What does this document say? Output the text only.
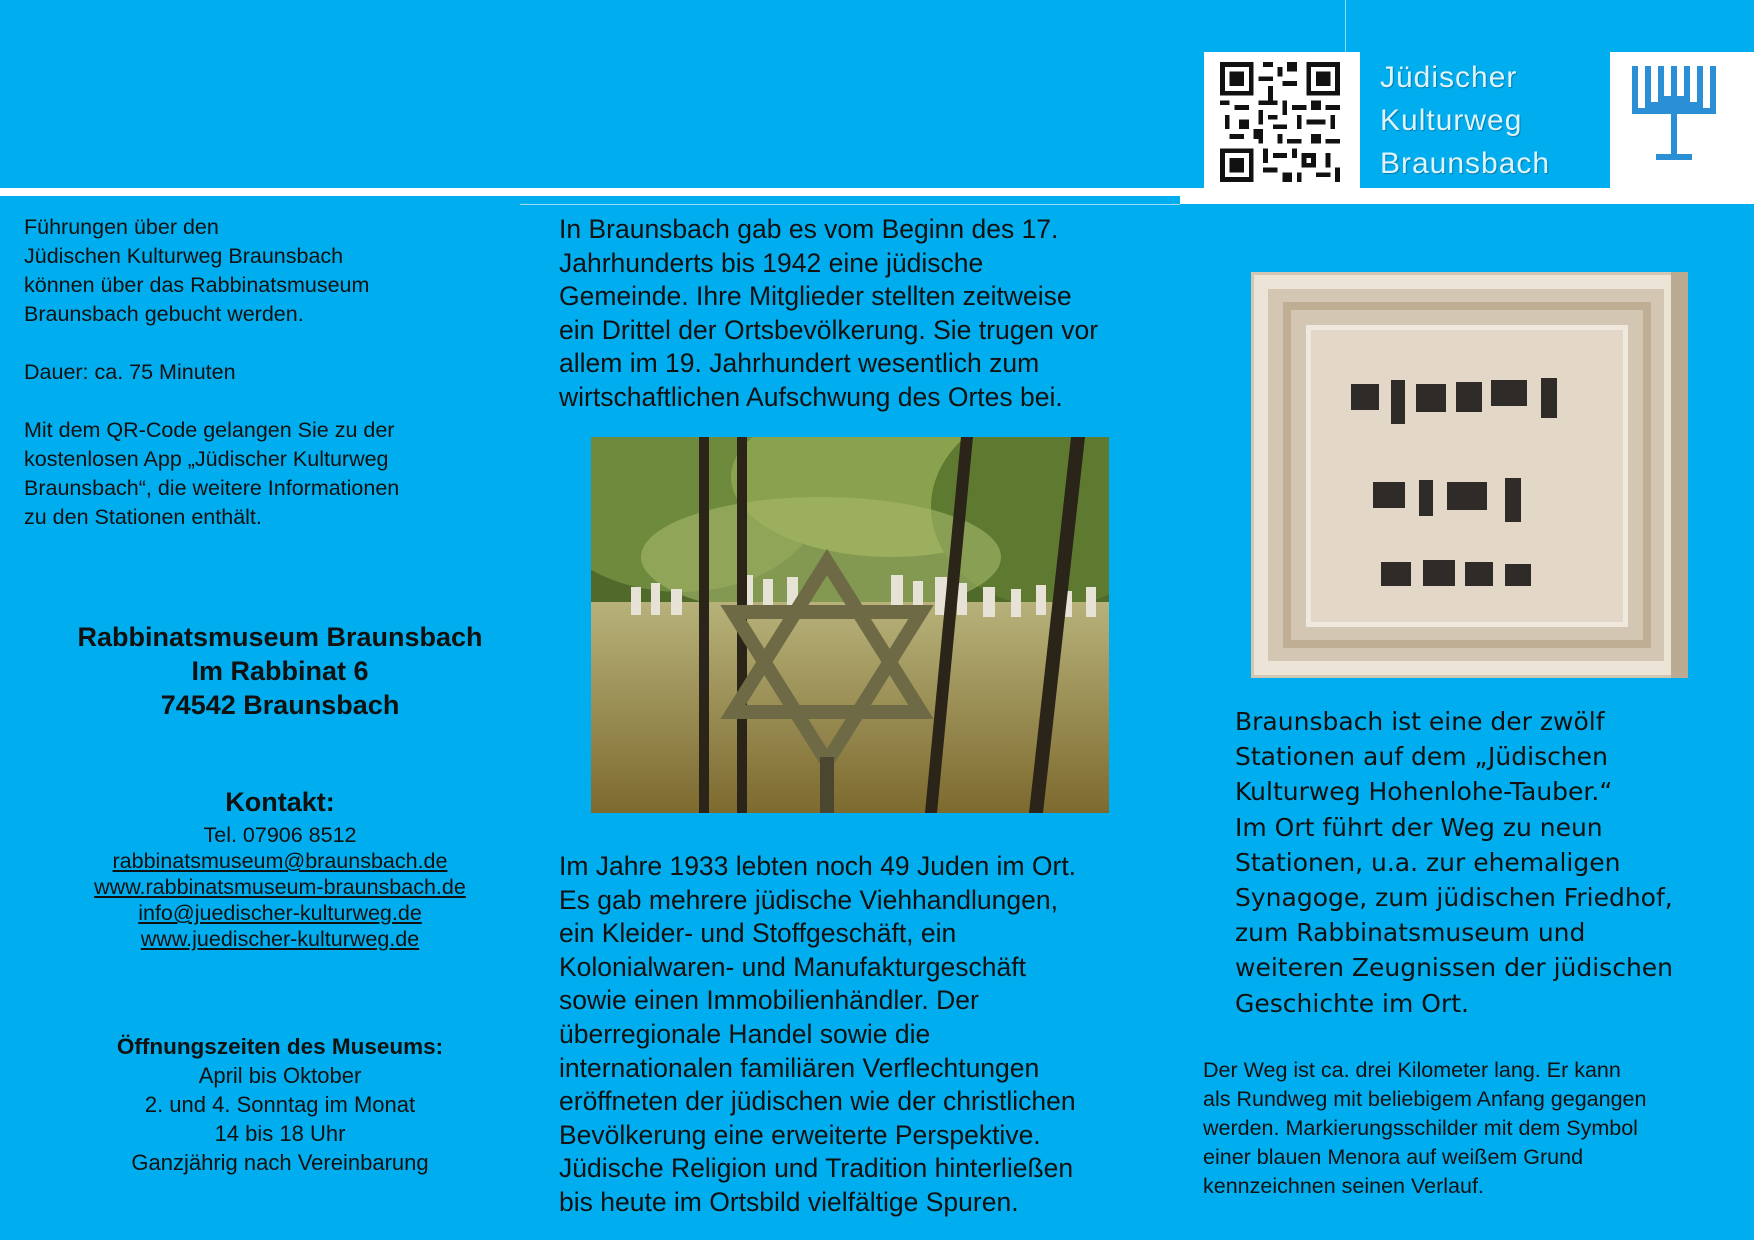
Jüdischer
Kulturweg
Braunsbach
Führungen über den
Jüdischen Kulturweg Braunsbach
können über das Rabbinatsmuseum
Braunsbach gebucht werden.

Dauer: ca. 75 Minuten

Mit dem QR-Code gelangen Sie zu der
kostenlosen App „Jüdischer Kulturweg
Braunsbach“, die weitere Informationen
zu den Stationen enthält.
Rabbinatsmuseum Braunsbach
Im Rabbinat 6
74542 Braunsbach
Kontakt:
Tel. 07906 8512
rabbinatsmuseum@braunsbach.de
www.rabbinatsmuseum-braunsbach.de
info@juedischer-kulturweg.de
www.juedischer-kulturweg.de
Öffnungszeiten des Museums:
April bis Oktober
2. und 4. Sonntag im Monat
14 bis 18 Uhr
Ganzjährig nach Vereinbarung
In Braunsbach gab es vom Beginn des 17.
Jahrhunderts bis 1942 eine jüdische
Gemeinde. Ihre Mitglieder stellten zeitweise
ein Drittel der Ortsbevölkerung. Sie trugen vor
allem im 19. Jahrhundert wesentlich zum
wirtschaftlichen Aufschwung des Ortes bei.
Im Jahre 1933 lebten noch 49 Juden im Ort.
Es gab mehrere jüdische Viehhandlungen,
ein Kleider- und Stoffgeschäft, ein
Kolonialwaren- und Manufakturgeschäft
sowie einen Immobilienhändler. Der
überregionale Handel sowie die
internationalen familiären Verflechtungen
eröffneten der jüdischen wie der christlichen
Bevölkerung eine erweiterte Perspektive.
Jüdische Religion und Tradition hinterließen
bis heute im Ortsbild vielfältige Spuren.
Braunsbach ist eine der zwölf
Stationen auf dem „Jüdischen
Kulturweg Hohenlohe-Tauber.“
Im Ort führt der Weg zu neun
Stationen, u.a. zur ehemaligen
Synagoge, zum jüdischen Friedhof,
zum Rabbinatsmuseum und
weiteren Zeugnissen der jüdischen
Geschichte im Ort.
Der Weg ist ca. drei Kilometer lang. Er kann
als Rundweg mit beliebigem Anfang gegangen
werden. Markierungsschilder mit dem Symbol
einer blauen Menora auf weißem Grund
kennzeichnen seinen Verlauf.
